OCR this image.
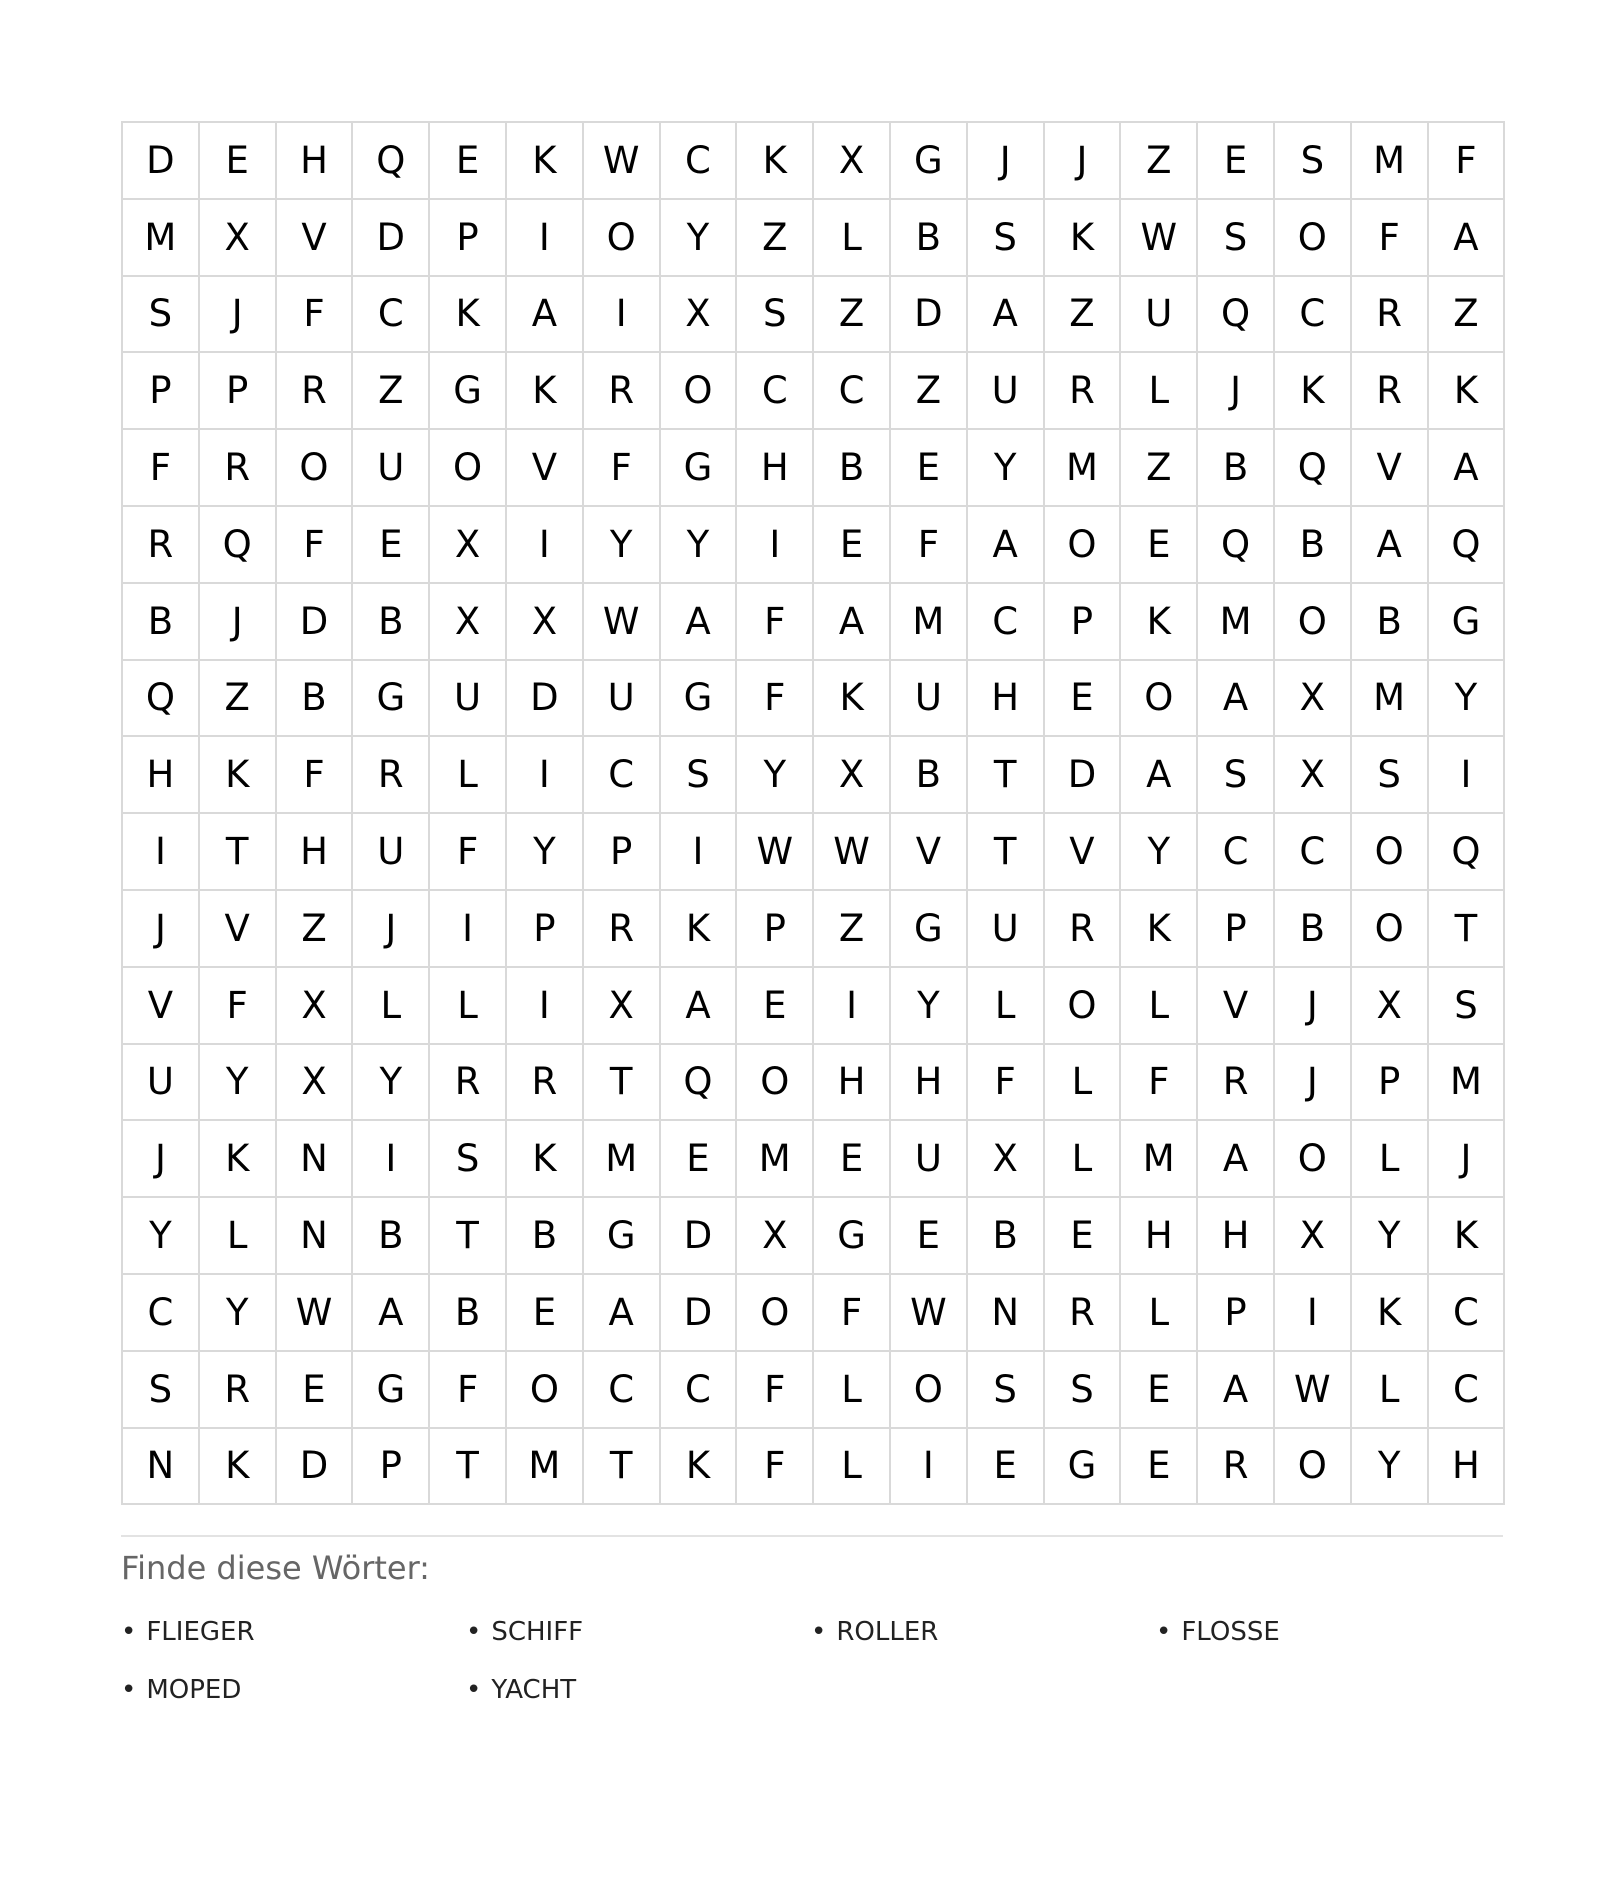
D	E	H	Q	E	K	W	C	K	X	G	J	J	Z	E	S	M	F
M	X	V	D	P	I	O	Y	Z	L	B	S	K	W	S	O	F	A
S	J	F	C	K	A	I	X	S	Z	D	A	Z	U	Q	C	R	Z
P	P	R	Z	G	K	R	O	C	C	Z	U	R	L	J	K	R	K
F	R	O	U	O	V	F	G	H	B	E	Y	M	Z	B	Q	V	A
R	Q	F	E	X	I	Y	Y	I	E	F	A	O	E	Q	B	A	Q
B	J	D	B	X	X	W	A	F	A	M	C	P	K	M	O	B	G
Q	Z	B	G	U	D	U	G	F	K	U	H	E	O	A	X	M	Y
H	K	F	R	L	I	C	S	Y	X	B	T	D	A	S	X	S	I
I	T	H	U	F	Y	P	I	W	W	V	T	V	Y	C	C	O	Q
J	V	Z	J	I	P	R	K	P	Z	G	U	R	K	P	B	O	T
V	F	X	L	L	I	X	A	E	I	Y	L	O	L	V	J	X	S
U	Y	X	Y	R	R	T	Q	O	H	H	F	L	F	R	J	P	M
J	K	N	I	S	K	M	E	M	E	U	X	L	M	A	O	L	J
Y	L	N	B	T	B	G	D	X	G	E	B	E	H	H	X	Y	K
C	Y	W	A	B	E	A	D	O	F	W	N	R	L	P	I	K	C
S	R	E	G	F	O	C	C	F	L	O	S	S	E	A	W	L	C
N	K	D	P	T	M	T	K	F	L	I	E	G	E	R	O	Y	H
Finde diese Wörter:
• FLIEGER	• SCHIFF	• ROLLER	• FLOSSE
• MOPED	• YACHT
